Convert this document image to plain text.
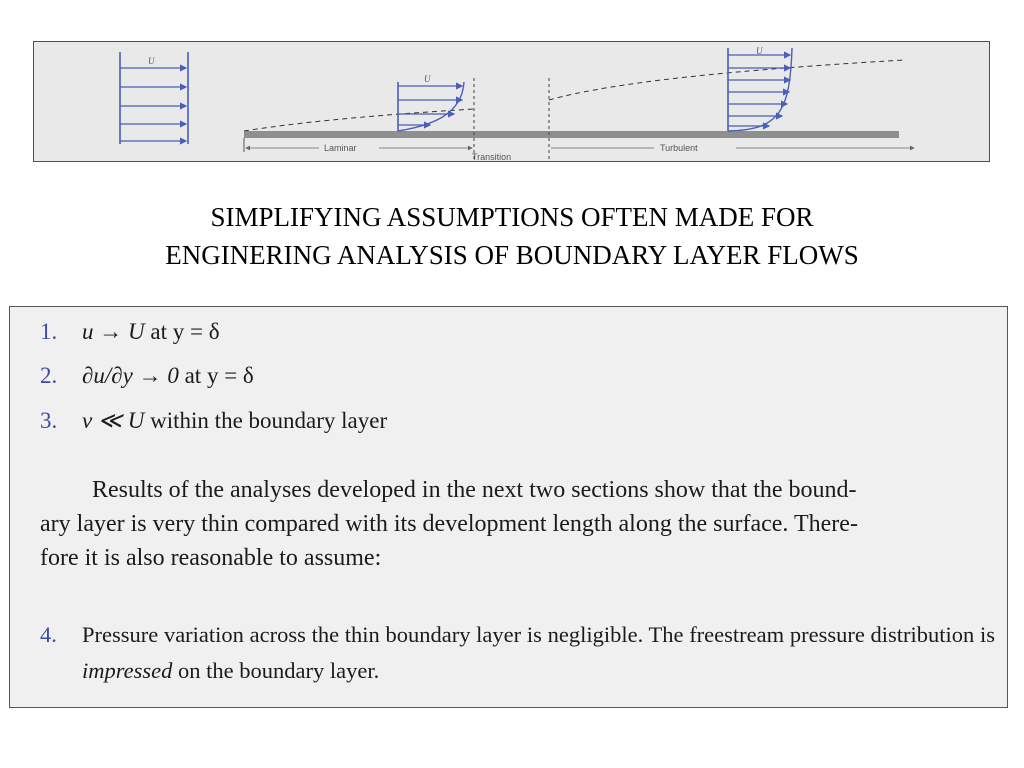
U
U
U
Laminar
Transition
Turbulent
SIMPLIFYING ASSUMPTIONS OFTEN MADE FOR
ENGINERING ANALYSIS OF BOUNDARY LAYER FLOWS
1. u → U at y = δ
2. ∂u/∂y → 0 at y = δ
3. v ≪ U within the boundary layer
Results of the analyses developed in the next two sections show that the bound-
ary layer is very thin compared with its development length along the surface. There-
fore it is also reasonable to assume:
4.	Pressure variation across the thin boundary layer is negligible. The freestream pressure distribution is impressed on the boundary layer.
